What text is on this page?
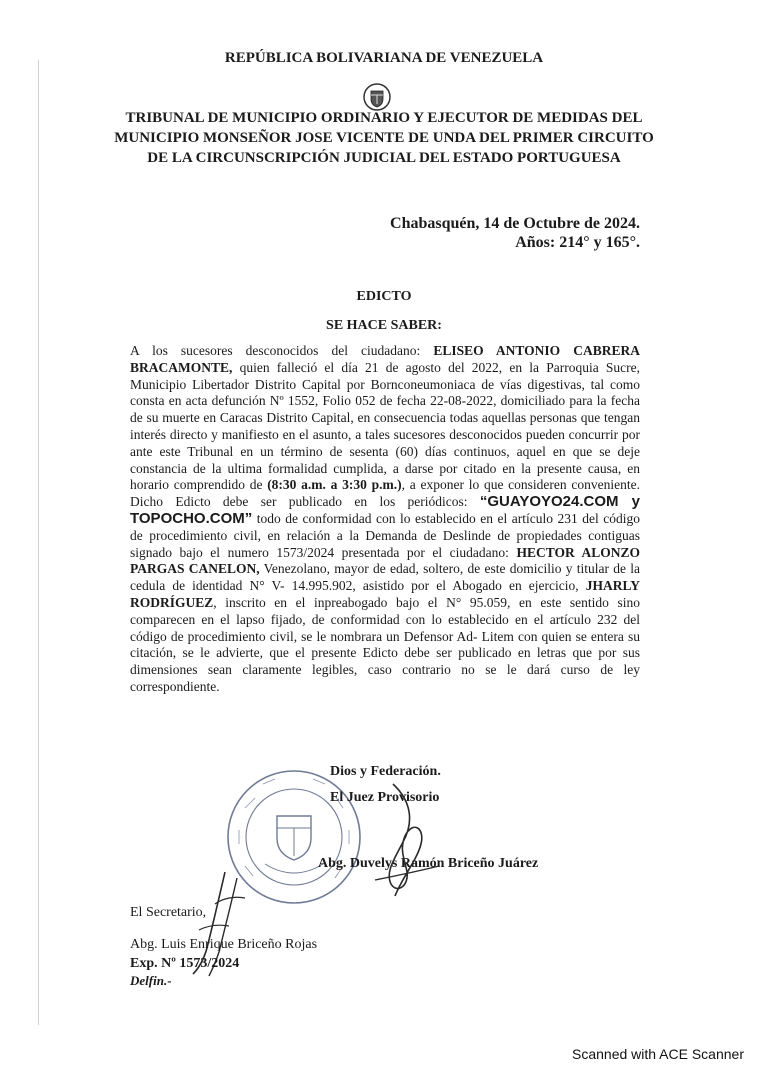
REPÚBLICA BOLIVARIANA DE VENEZUELA
TRIBUNAL DE MUNICIPIO ORDINARIO Y EJECUTOR DE MEDIDAS DEL
MUNICIPIO MONSEÑOR JOSE VICENTE DE UNDA DEL PRIMER CIRCUITO
DE LA CIRCUNSCRIPCIÓN JUDICIAL DEL ESTADO PORTUGUESA
Chabasquén, 14 de Octubre de 2024.
Años: 214° y 165°.
EDICTO
SE HACE SABER:

A los sucesores desconocidos del ciudadano: ELISEO ANTONIO CABRERA BRACAMONTE, quien falleció el día 21 de agosto del 2022, en la Parroquia Sucre, Municipio Libertador Distrito Capital por Bornconeumoniaca de vías digestivas, tal como consta en acta defunción Nº 1552, Folio 052 de fecha 22-08-2022, domiciliado para la fecha de su muerte en Caracas Distrito Capital, en consecuencia todas aquellas personas que tengan interés directo y manifiesto en el asunto, a tales sucesores desconocidos pueden concurrir por ante este Tribunal en un término de sesenta (60) días continuos, aquel en que se deje constancia de la ultima formalidad cumplida, a darse por citado en la presente causa, en horario comprendido de (8:30 a.m. a 3:30 p.m.), a exponer lo que consideren conveniente. Dicho Edicto debe ser publicado en los periódicos: “GUAYOYO24.COM y TOPOCHO.COM” todo de conformidad con lo establecido en el artículo 231 del código de procedimiento civil, en relación a la Demanda de Deslinde de propiedades contiguas signado bajo el numero 1573/2024 presentada por el ciudadano: HECTOR ALONZO PARGAS CANELON, Venezolano, mayor de edad, soltero, de este domicilio y titular de la cedula de identidad N° V- 14.995.902, asistido por el Abogado en ejercicio, JHARLY RODRÍGUEZ, inscrito en el inpreabogado bajo el N° 95.059, en este sentido sino comparecen en el lapso fijado, de conformidad con lo establecido en el artículo 232 del código de procedimiento civil, se le nombrara un Defensor Ad- Litem con quien se entera su citación, se le advierte, que el presente Edicto debe ser publicado en letras que por sus dimensiones sean claramente legibles, caso contrario no se le dará curso de ley correspondiente.

Dios y Federación.
El Juez Provisorio
Abg. Duvelys Ramón Briceño Juárez
El Secretario,
Abg. Luis Enrique Briceño Rojas
Exp. Nº 1573/2024
Delfin.-
Scanned with ACE Scanner
